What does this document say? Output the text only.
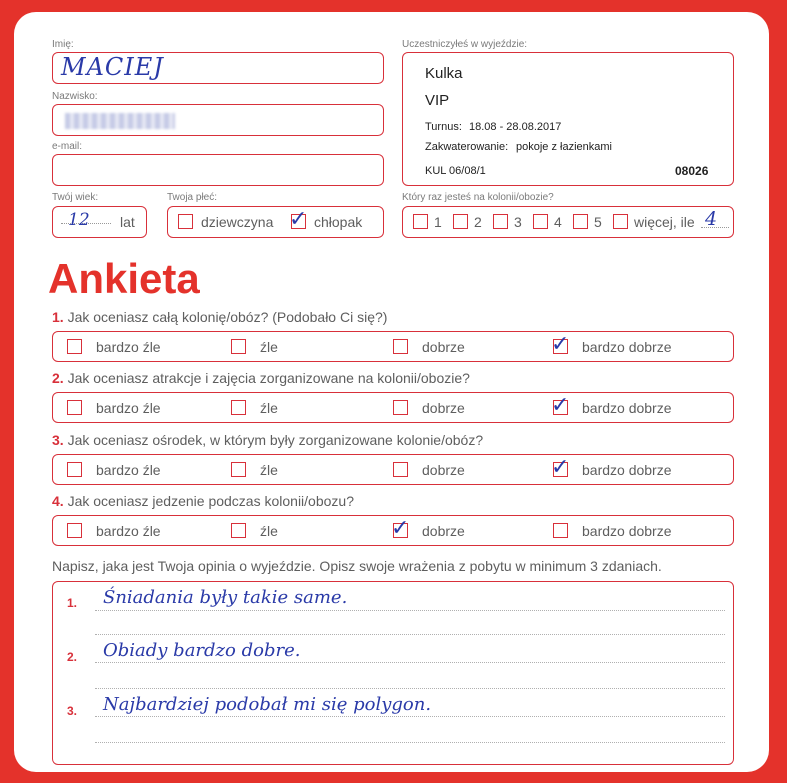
Imię:
MACIEJ
Nazwisko:
e-mail:
Uczestniczyłeś w wyjeździe:
Kulka
VIP
Turnus: 18.08 - 28.08.2017
Zakwaterowanie: pokoje z łazienkami
KUL 06/08/1	08026
Twój wiek:
12 lat
Twoja płeć:
dziewczyna ✓ chłopak
Który raz jesteś na kolonii/obozie?
1 2 3 4 5 więcej, ile 4
Ankieta
1. Jak oceniasz całą kolonię/obóz? (Podobało Ci się?)
bardzo źle	źle	dobrze	✓ bardzo dobrze
2. Jak oceniasz atrakcje i zajęcia zorganizowane na kolonii/obozie?
bardzo źle	źle	dobrze	✓ bardzo dobrze
3. Jak oceniasz ośrodek, w którym były zorganizowane kolonie/obóz?
bardzo źle	źle	dobrze	✓ bardzo dobrze
4. Jak oceniasz jedzenie podczas kolonii/obozu?
bardzo źle	źle	✓ dobrze	bardzo dobrze
Napisz, jaka jest Twoja opinia o wyjeździe. Opisz swoje wrażenia z pobytu w minimum 3 zdaniach.
1. Śniadania były takie same.
2. Obiady bardzo dobre.
3. Najbardziej podobał mi się polygon.
